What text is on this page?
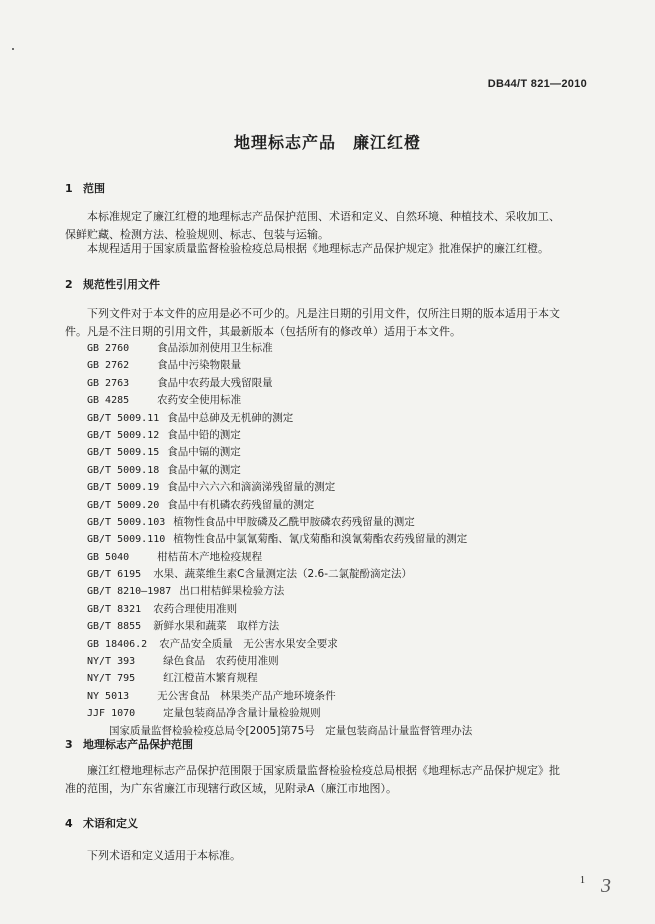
DB44/T 821—2010
地理标志产品　廉江红橙
1 范围
本标准规定了廉江红橙的地理标志产品保护范围、术语和定义、自然环境、种植技术、采收加工、
保鲜贮藏、检测方法、检验规则、标志、包装与运输。
本规程适用于国家质量监督检验检疫总局根据《地理标志产品保护规定》批准保护的廉江红橙。
2 规范性引用文件
下列文件对于本文件的应用是必不可少的。凡是注日期的引用文件，仅所注日期的版本适用于本文
件。凡是不注日期的引用文件，其最新版本（包括所有的修改单）适用于本文件。
GB 2760	食品添加剂使用卫生标准
GB 2762	食品中污染物限量
GB 2763	食品中农药最大残留限量
GB 4285	农药安全使用标准
GB/T 5009.11 食品中总砷及无机砷的测定
GB/T 5009.12 食品中铅的测定
GB/T 5009.15 食品中镉的测定
GB/T 5009.18 食品中氟的测定
GB/T 5009.19 食品中六六六和滴滴涕残留量的测定
GB/T 5009.20 食品中有机磷农药残留量的测定
GB/T 5009.103 植物性食品中甲胺磷及乙酰甲胺磷农药残留量的测定
GB/T 5009.110 植物性食品中氯氰菊酯、氰戊菊酯和溴氰菊酯农药残留量的测定
GB 5040	柑桔苗木产地检疫规程
GB/T 6195 水果、蔬菜维生素C含量测定法（2.6-二氯靛酚滴定法）
GB/T 8210—1987 出口柑桔鲜果检验方法
GB/T 8321 农药合理使用准则
GB/T 8855 新鲜水果和蔬菜　取样方法
GB 18406.2 农产品安全质量　无公害水果安全要求
NY/T 393	绿色食品　农药使用准则
NY/T 795	红江橙苗木繁育规程
NY 5013	无公害食品　林果类产品产地环境条件
JJF 1070	定量包装商品净含量计量检验规则
国家质量监督检验检疫总局令[2005]第75号　定量包装商品计量监督管理办法
3 地理标志产品保护范围
廉江红橙地理标志产品保护范围限于国家质量监督检验检疫总局根据《地理标志产品保护规定》批
准的范围，为广东省廉江市现辖行政区域，见附录A（廉江市地图）。
4 术语和定义
下列术语和定义适用于本标准。
1 3
